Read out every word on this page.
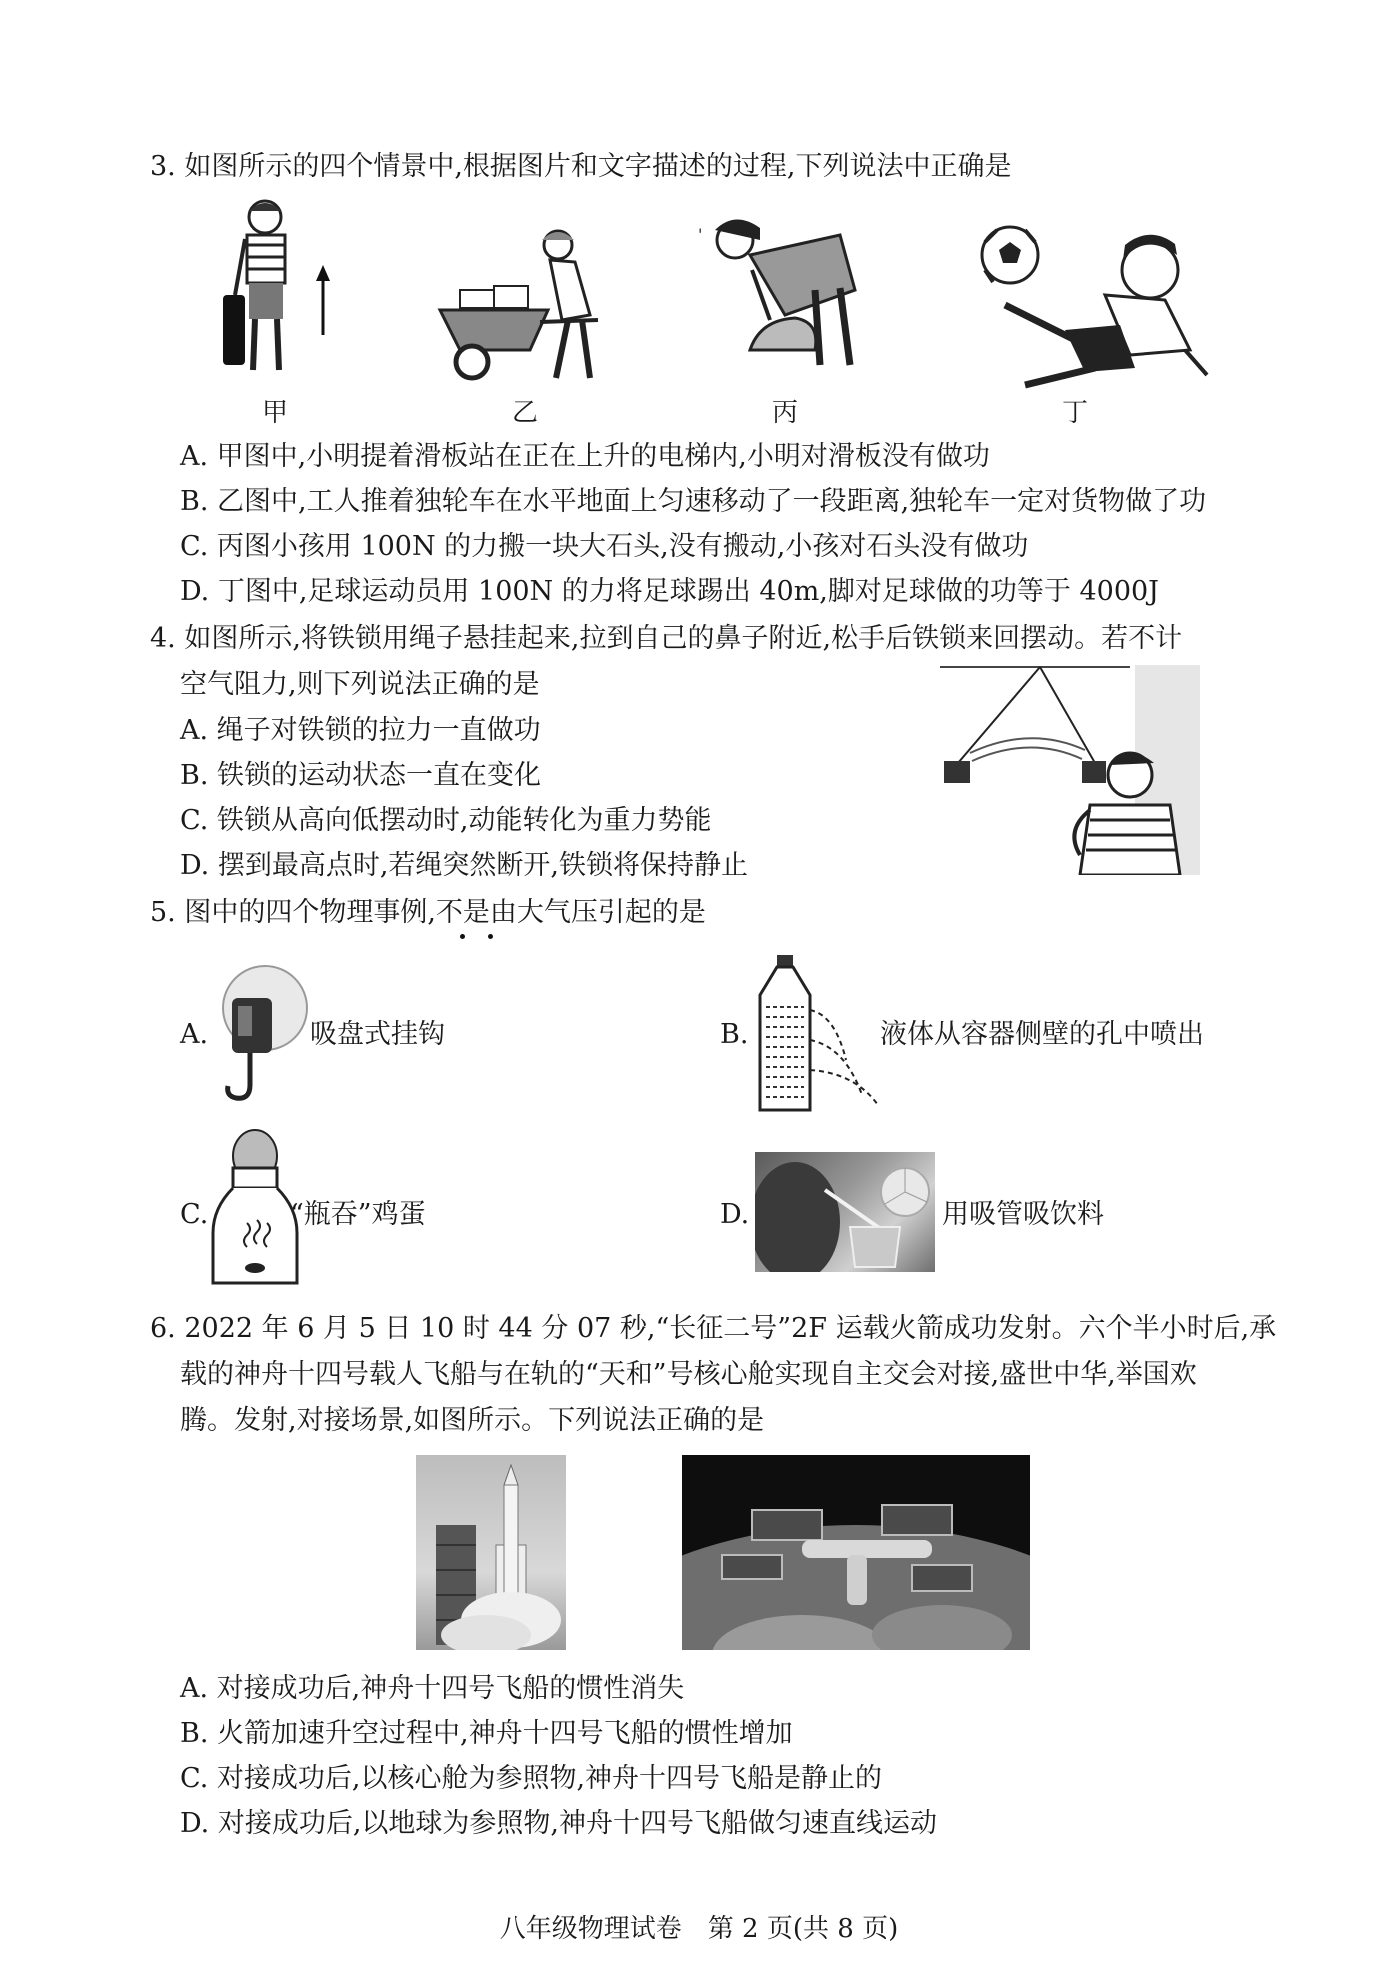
3. 如图所示的四个情景中,根据图片和文字描述的过程,下列说法中正确是
甲	乙
'
丙	丁
A. 甲图中,小明提着滑板站在正在上升的电梯内,小明对滑板没有做功
B. 乙图中,工人推着独轮车在水平地面上匀速移动了一段距离,独轮车一定对货物做了功
C. 丙图小孩用 100N 的力搬一块大石头,没有搬动,小孩对石头没有做功
D. 丁图中,足球运动员用 100N 的力将足球踢出 40m,脚对足球做的功等于 4000J
4. 如图所示,将铁锁用绳子悬挂起来,拉到自己的鼻子附近,松手后铁锁来回摆动。若不计
空气阻力,则下列说法正确的是
A. 绳子对铁锁的拉力一直做功
B. 铁锁的运动状态一直在变化
C. 铁锁从高向低摆动时,动能转化为重力势能
D. 摆到最高点时,若绳突然断开,铁锁将保持静止
5. 图中的四个物理事例,不是由大气压引起的是
A.	吸盘式挂钩	B.	液体从容器侧壁的孔中喷出
C.	“瓶吞”鸡蛋	D.	用吸管吸饮料
6. 2022 年 6 月 5 日 10 时 44 分 07 秒,“长征二号”2F 运载火箭成功发射。六个半小时后,承
载的神舟十四号载人飞船与在轨的“天和”号核心舱实现自主交会对接,盛世中华,举国欢
腾。发射,对接场景,如图所示。下列说法正确的是
A. 对接成功后,神舟十四号飞船的惯性消失
B. 火箭加速升空过程中,神舟十四号飞船的惯性增加
C. 对接成功后,以核心舱为参照物,神舟十四号飞船是静止的
D. 对接成功后,以地球为参照物,神舟十四号飞船做匀速直线运动
八年级物理试卷　第 2 页(共 8 页)
